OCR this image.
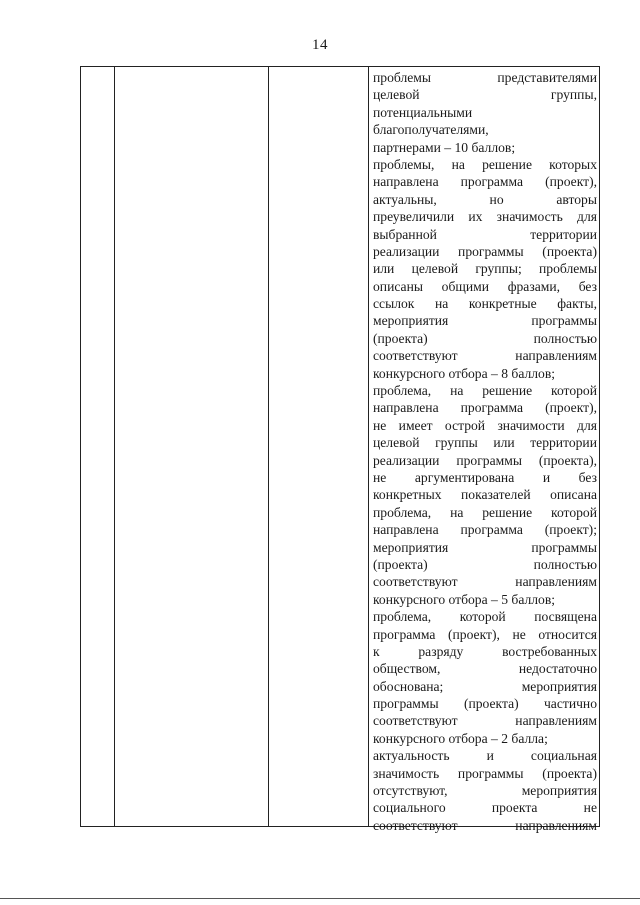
14
проблемы представителями
целевой группы,
потенциальными
благополучателями,
партнерами – 10 баллов;
проблемы, на решение которых
направлена программа (проект),
актуальны, но авторы
преувеличили их значимость для
выбранной территории
реализации программы (проекта)
или целевой группы; проблемы
описаны общими фразами, без
ссылок на конкретные факты,
мероприятия программы
(проекта) полностью
соответствуют направлениям
конкурсного отбора – 8 баллов;
проблема, на решение которой
направлена программа (проект),
не имеет острой значимости для
целевой группы или территории
реализации программы (проекта),
не аргументирована и без
конкретных показателей описана
проблема, на решение которой
направлена программа (проект);
мероприятия программы
(проекта) полностью
соответствуют направлениям
конкурсного отбора – 5 баллов;
проблема, которой посвящена
программа (проект), не относится
к разряду востребованных
обществом, недостаточно
обоснована; мероприятия
программы (проекта) частично
соответствуют направлениям
конкурсного отбора – 2 балла;
актуальность и социальная
значимость программы (проекта)
отсутствуют, мероприятия
социального проекта не
соответствуют направлениям
